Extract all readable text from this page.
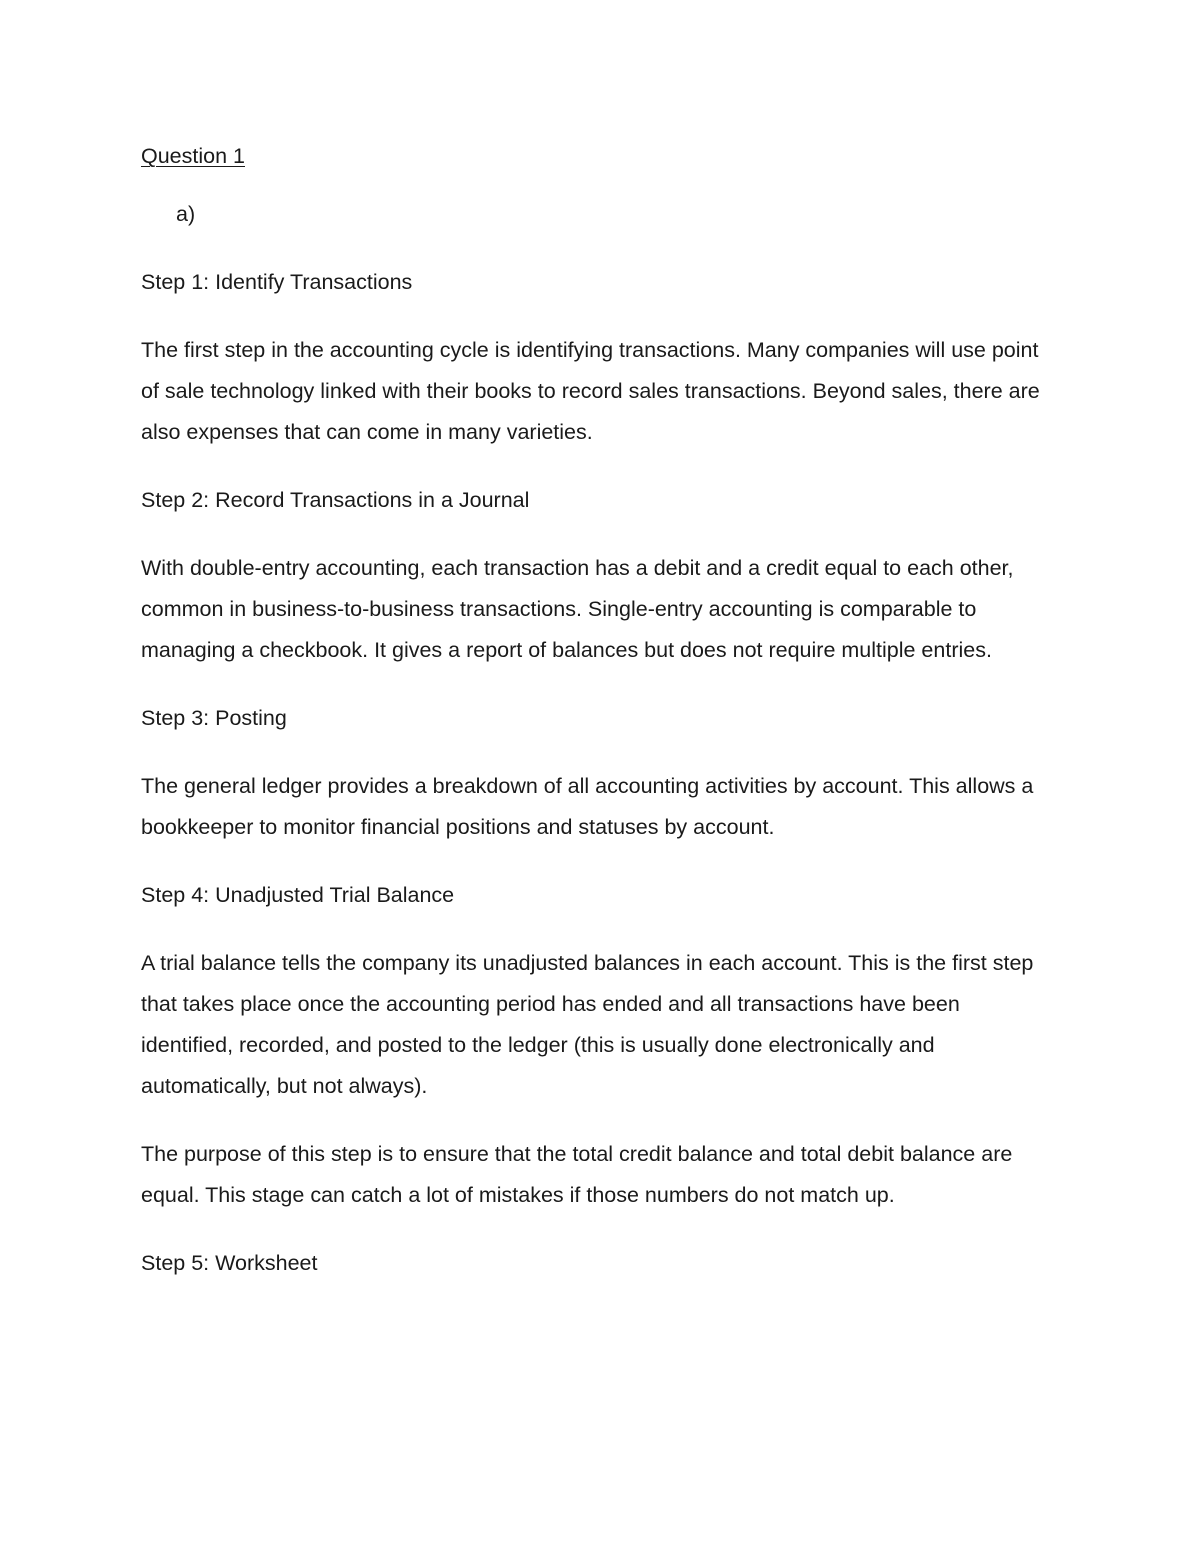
Question 1

a)

Step 1: Identify Transactions

The first step in the accounting cycle is identifying transactions. Many companies will use point of sale technology linked with their books to record sales transactions. Beyond sales, there are also expenses that can come in many varieties.

Step 2: Record Transactions in a Journal

With double-entry accounting, each transaction has a debit and a credit equal to each other, common in business-to-business transactions. Single-entry accounting is comparable to managing a checkbook. It gives a report of balances but does not require multiple entries.

Step 3: Posting

The general ledger provides a breakdown of all accounting activities by account. This allows a bookkeeper to monitor financial positions and statuses by account.

Step 4: Unadjusted Trial Balance

A trial balance tells the company its unadjusted balances in each account. This is the first step that takes place once the accounting period has ended and all transactions have been identified, recorded, and posted to the ledger (this is usually done electronically and automatically, but not always).

The purpose of this step is to ensure that the total credit balance and total debit balance are equal. This stage can catch a lot of mistakes if those numbers do not match up.

Step 5: Worksheet
